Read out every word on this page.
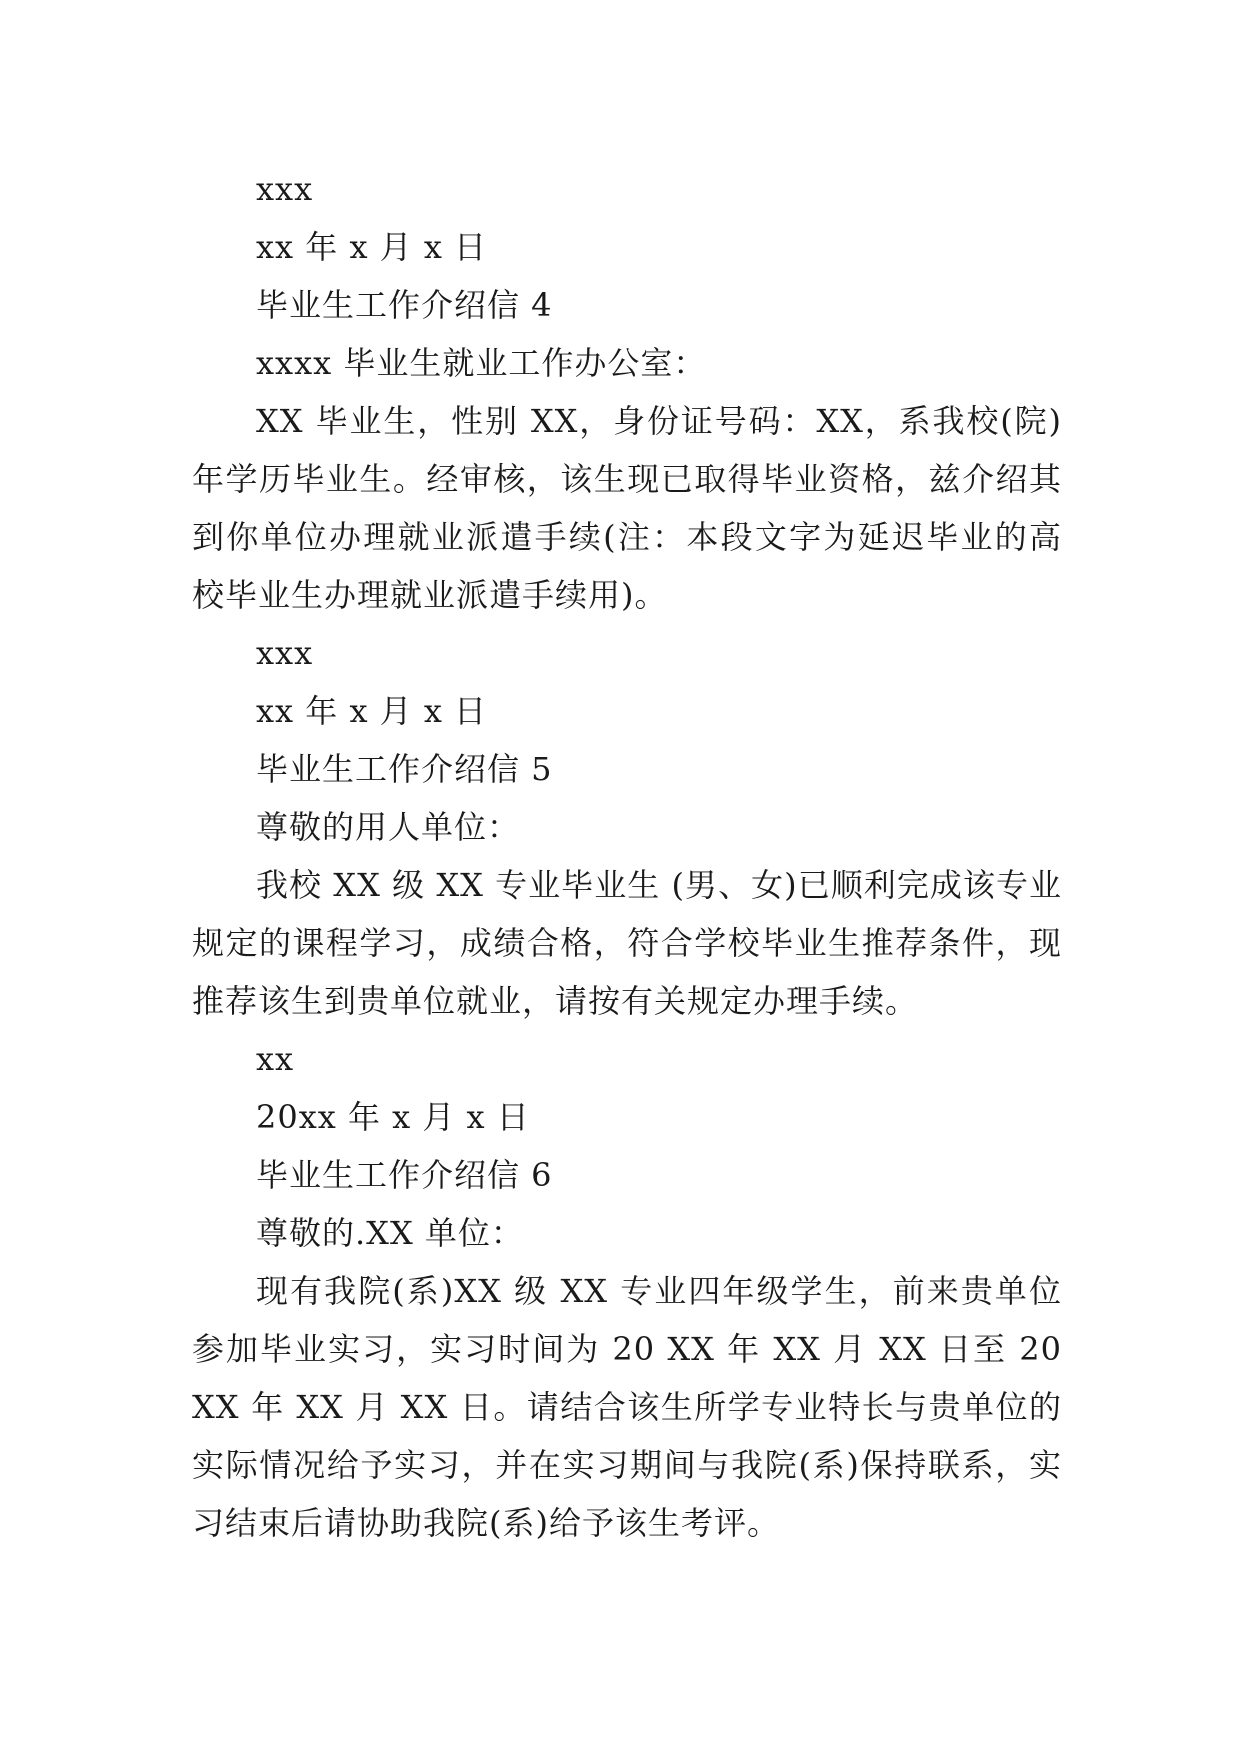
xxx
xx 年 x 月 x 日
毕业生工作介绍信 4
xxxx 毕业生就业工作办公室：

XX 毕业生，性别 XX，身份证号码：XX，系我校(院)年学历毕业生。经审核，该生现已取得毕业资格，兹介绍其到你单位办理就业派遣手续(注：本段文字为延迟毕业的高校毕业生办理就业派遣手续用)。

xxx
xx 年 x 月 x 日
毕业生工作介绍信 5
尊敬的用人单位：

我校 XX 级 XX 专业毕业生 (男、女)已顺利完成该专业规定的课程学习，成绩合格，符合学校毕业生推荐条件，现推荐该生到贵单位就业，请按有关规定办理手续。

xx
20xx 年 x 月 x 日
毕业生工作介绍信 6
尊敬的.XX 单位：

现有我院(系)XX 级 XX 专业四年级学生，前来贵单位参加毕业实习，实习时间为 20 XX 年 XX 月 XX 日至 20 XX 年 XX 月 XX 日。请结合该生所学专业特长与贵单位的实际情况给予实习，并在实习期间与我院(系)保持联系，实习结束后请协助我院(系)给予该生考评。
